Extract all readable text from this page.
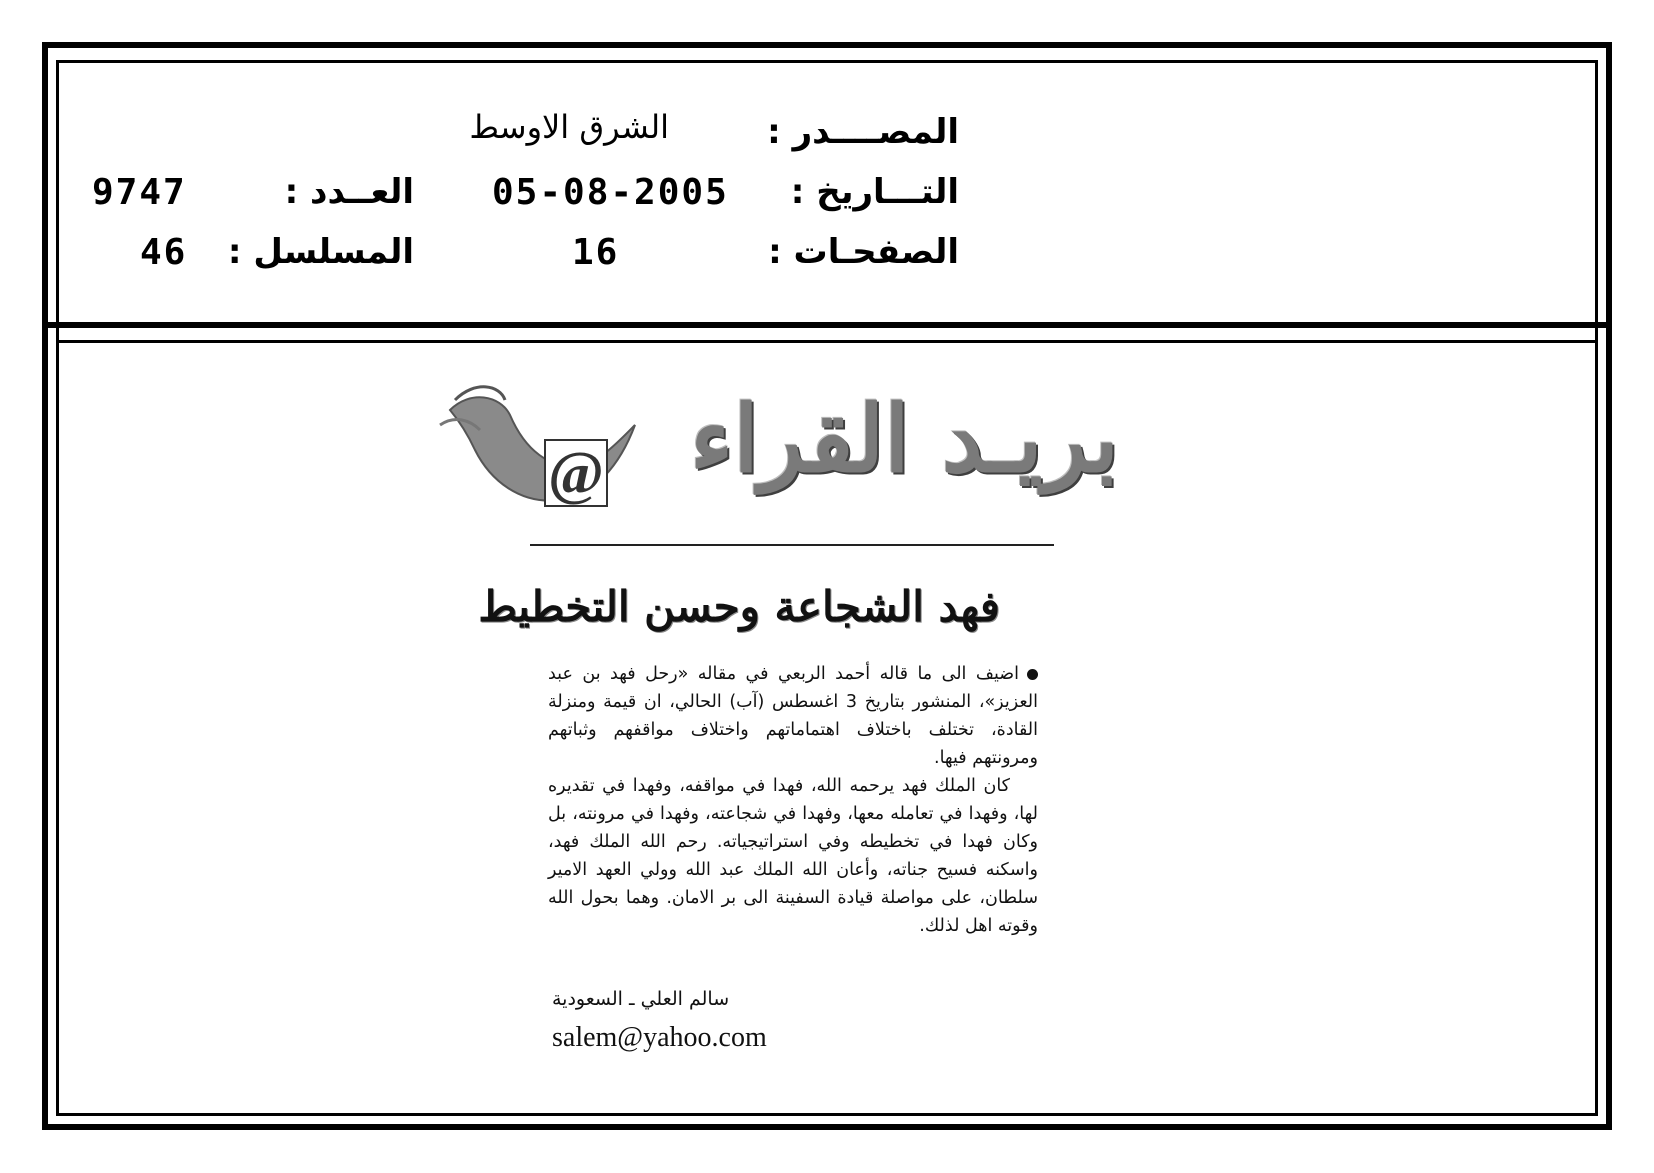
المصــــدر :
الشرق الاوسط
التـــاريخ :
05-08-2005
العــدد :
9747
الصفحـات :
16
المسلسل :
46
بريـد القراء
@
فهد الشجاعة وحسن التخطيط

اضيف الى ما قاله أحمد الربعي في مقاله «رحل فهد بن عبد العزيز»، المنشور بتاريخ 3 اغسطس (آب) الحالي، ان قيمة ومنزلة القادة، تختلف باختلاف اهتماماتهم واختلاف مواقفهم وثباتهم ومرونتهم فيها.

كان الملك فهد يرحمه الله، فهدا في مواقفه، وفهدا في تقديره لها، وفهدا في تعامله معها، وفهدا في شجاعته، وفهدا في مرونته، بل وكان فهدا في تخطيطه وفي استراتيجياته. رحم الله الملك فهد، واسكنه فسيح جناته، وأعان الله الملك عبد الله وولي العهد الامير سلطان، على مواصلة قيادة السفينة الى بر الامان. وهما بحول الله وقوته اهل لذلك.

سالم العلي ـ السعودية
salem@yahoo.com
